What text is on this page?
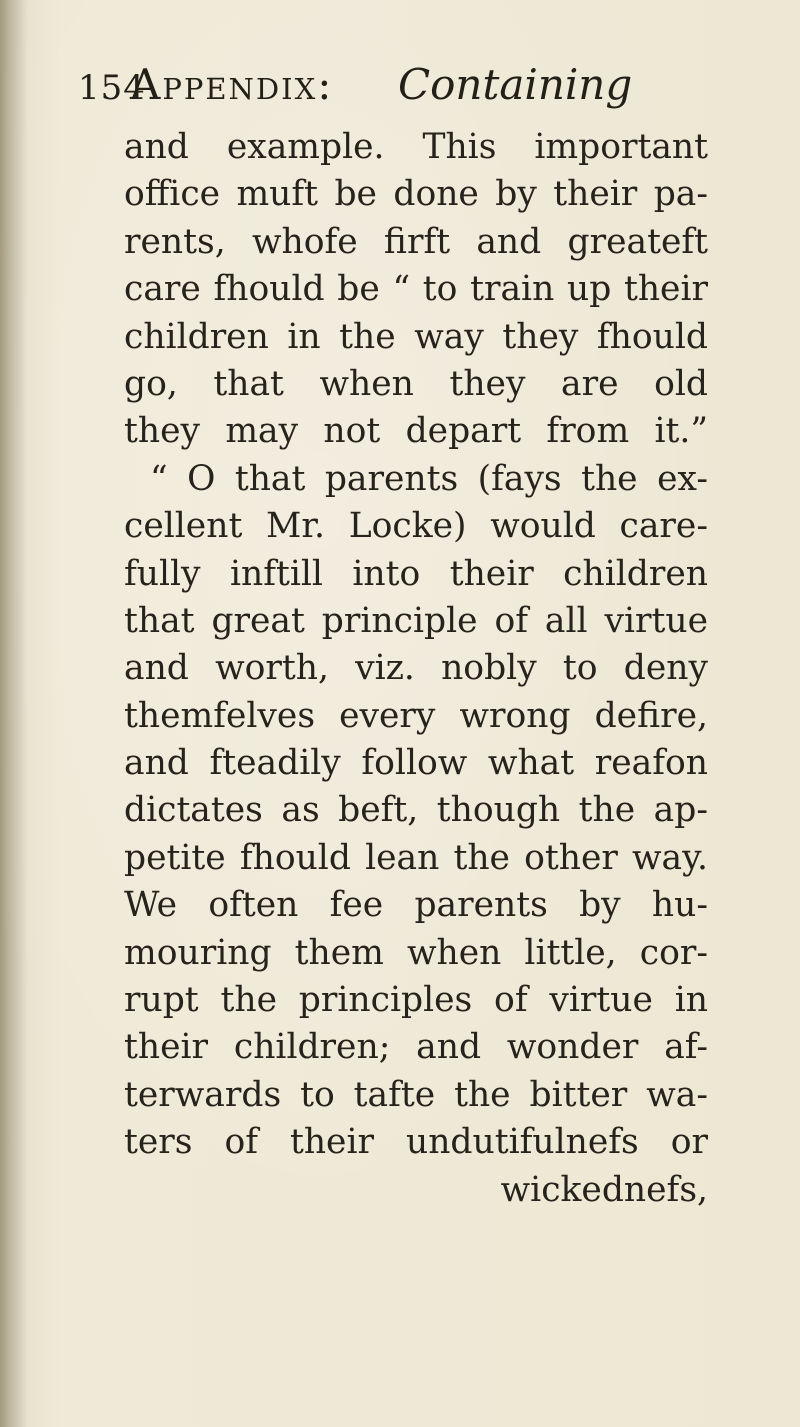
154
Appendix: Containing
and example. This important
office muft be done by their pa-
rents, whofe firft and greateft
care fhould be “ to train up their
children in the way they fhould
go, that when they are old
they may not depart from it.”
“ O that parents (fays the ex-
cellent Mr. Locke) would care-
fully inftill into their children
that great principle of all virtue
and worth, viz. nobly to deny
themfelves every wrong defire,
and fteadily follow what reafon
dictates as beft, though the ap-
petite fhould lean the other way.
We often fee parents by hu-
mouring them when little, cor-
rupt the principles of virtue in
their children; and wonder af-
terwards to tafte the bitter wa-
ters of their undutifulnefs or
wickednefs,
